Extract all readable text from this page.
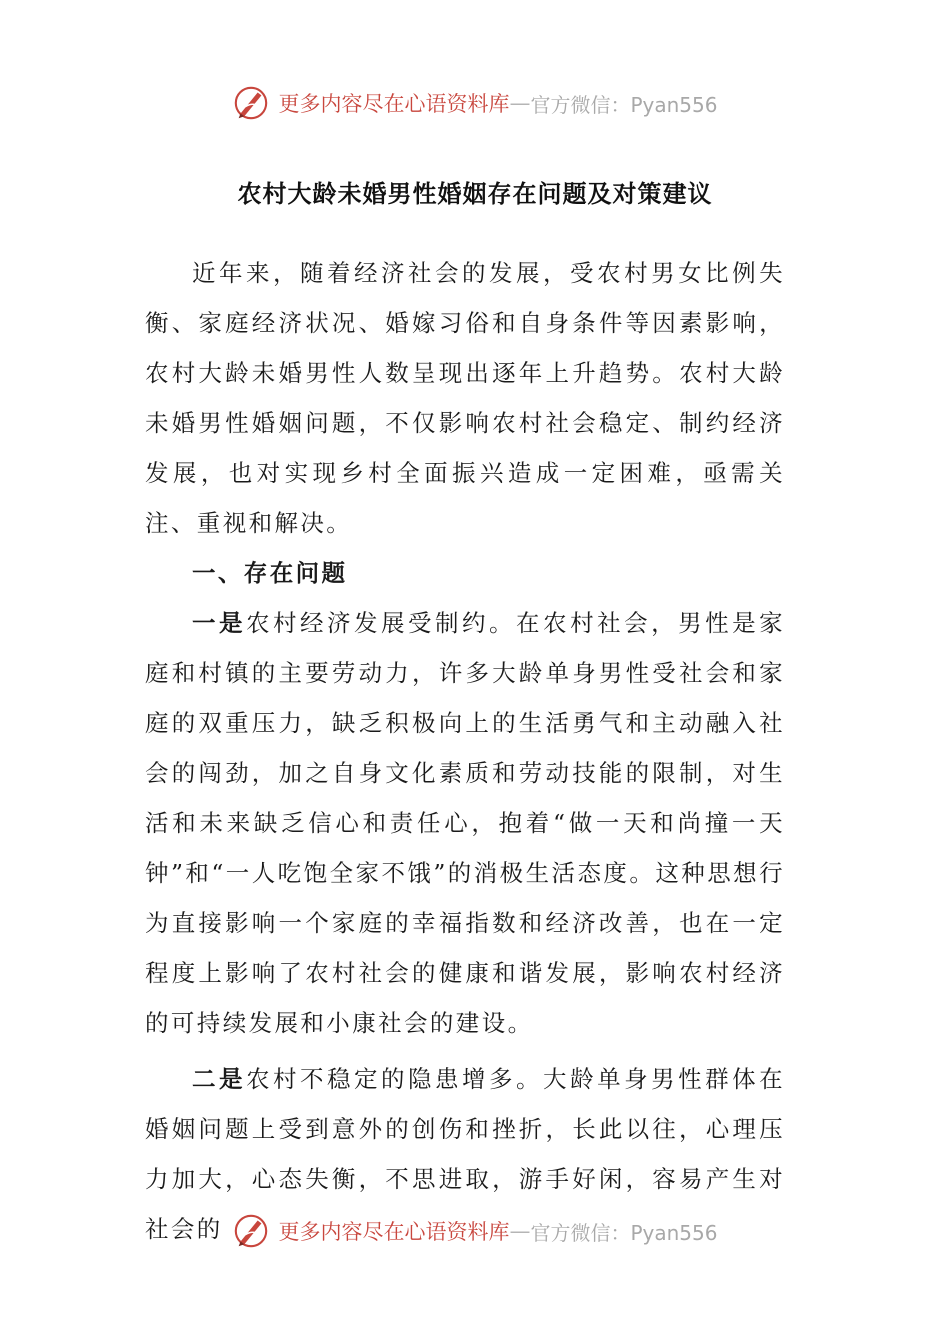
更多内容尽在心语资料库 — 官方微信：Pyan556
农村大龄未婚男性婚姻存在问题及对策建议

近年来，随着经济社会的发展，受农村男女比例失衡、家庭经济状况、婚嫁习俗和自身条件等因素影响，农村大龄未婚男性人数呈现出逐年上升趋势。农村大龄未婚男性婚姻问题，不仅影响农村社会稳定、制约经济发展，也对实现乡村全面振兴造成一定困难，亟需关注、重视和解决。

一、存在问题

一是农村经济发展受制约。在农村社会，男性是家庭和村镇的主要劳动力，许多大龄单身男性受社会和家庭的双重压力，缺乏积极向上的生活勇气和主动融入社会的闯劲，加之自身文化素质和劳动技能的限制，对生活和未来缺乏信心和责任心，抱着“做一天和尚撞一天钟”和“一人吃饱全家不饿”的消极生活态度。这种思想行为直接影响一个家庭的幸福指数和经济改善，也在一定程度上影响了农村社会的健康和谐发展，影响农村经济的可持续发展和小康社会的建设。

二是农村不稳定的隐患增多。大龄单身男性群体在婚姻问题上受到意外的创伤和挫折，长此以往，心理压力加大，心态失衡，不思进取，游手好闲，容易产生对社会的	更多内容尽在心语资料库 — 官方微信：Pyan556
